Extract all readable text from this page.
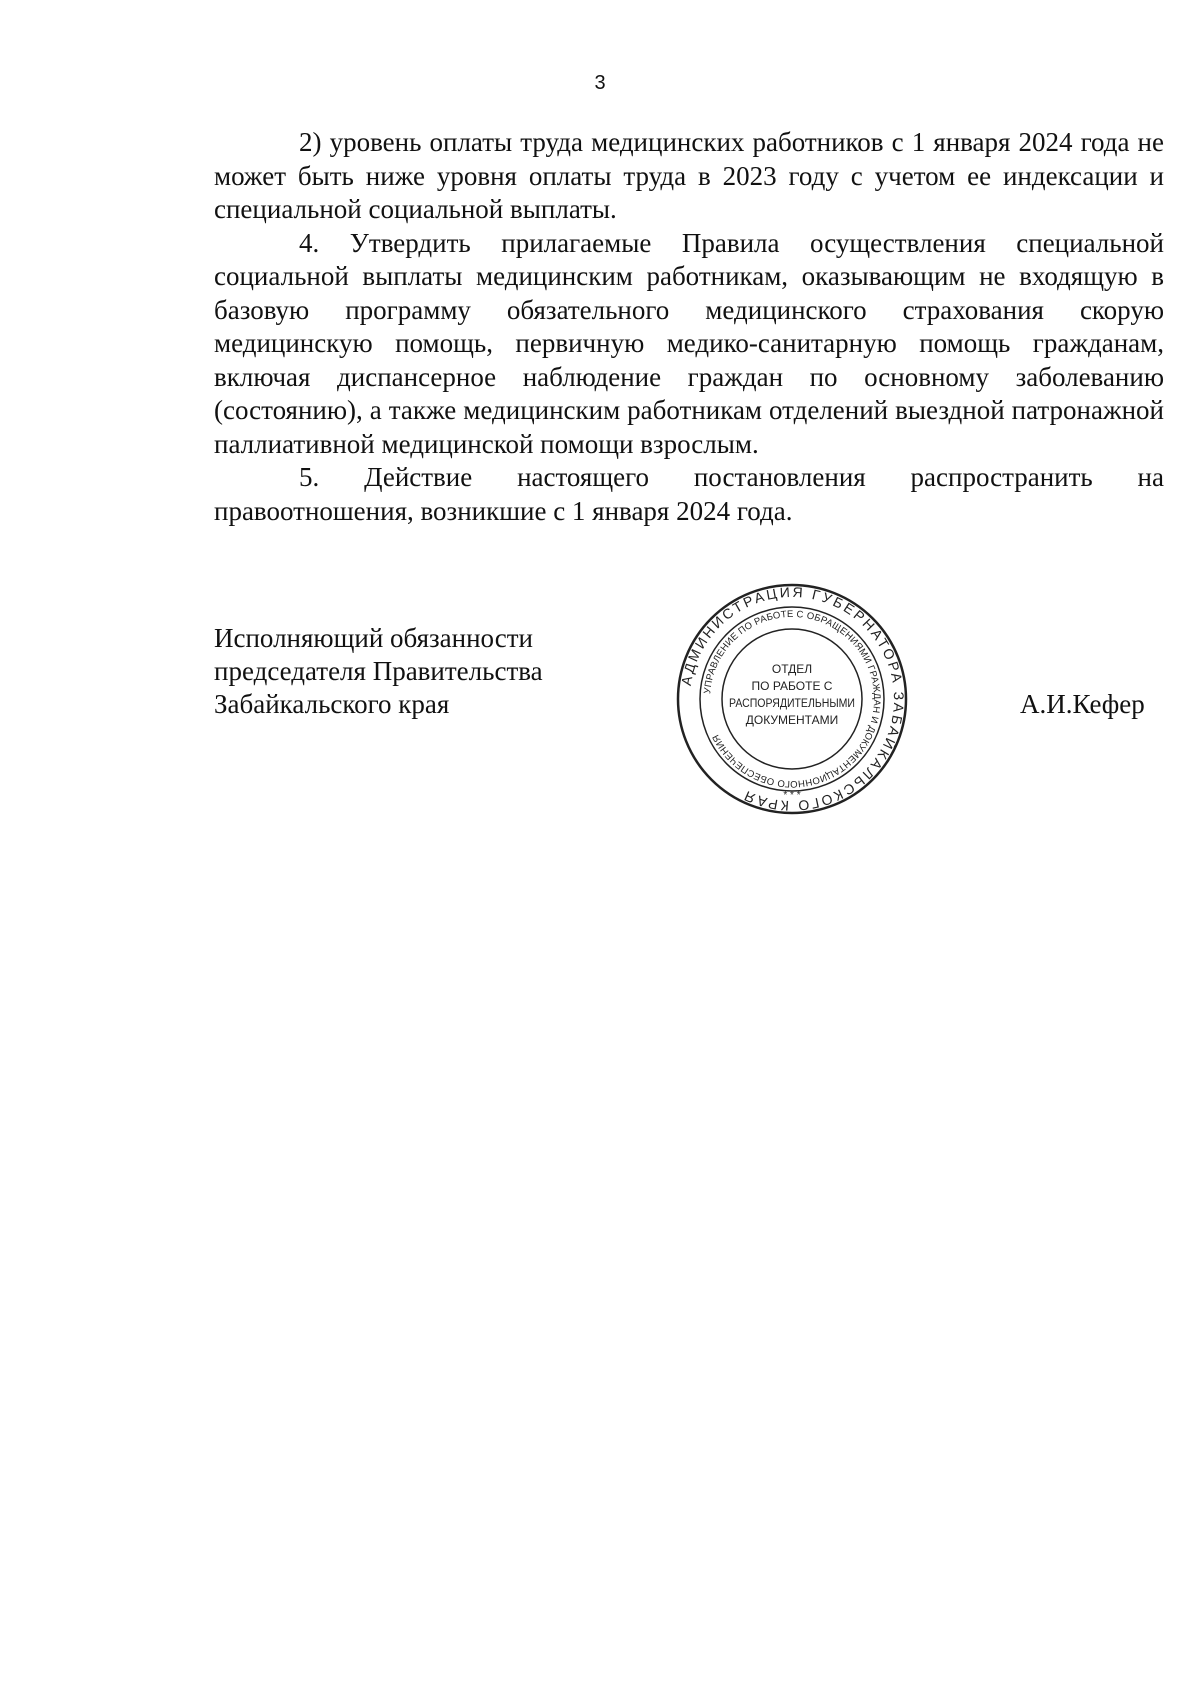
3

2) уровень оплаты труда медицинских работников с 1 января 2024 года не может быть ниже уровня оплаты труда в 2023 году с учетом ее индексации и специальной социальной выплаты.

4. Утвердить прилагаемые Правила осуществления специальной социальной выплаты медицинским работникам, оказывающим не входящую в базовую программу обязательного медицинского страхования скорую медицинскую помощь, первичную медико-санитарную помощь гражданам, включая диспансерное наблюдение граждан по основному заболеванию (состоянию), а также медицинским работникам отделений выездной патронажной паллиативной медицинской помощи взрослым.

5. Действие настоящего постановления распространить на правоотношения, возникшие с 1 января 2024 года.

Исполняющий обязанности
председателя Правительства
Забайкальского края	А.И.Кефер
АДМИНИСТРАЦИЯ ГУБЕРНАТОРА ЗАБАЙКАЛЬСКОГО КРАЯ
УПРАВЛЕНИЕ ПО РАБОТЕ С ОБРАЩЕНИЯМИ ГРАЖДАН И ДОКУМЕНТАЦИОННОГО ОБЕСПЕЧЕНИЯ
ОТДЕЛ
ПО РАБОТЕ С
РАСПОРЯДИТЕЛЬНЫМИ
ДОКУМЕНТАМИ
* * *
